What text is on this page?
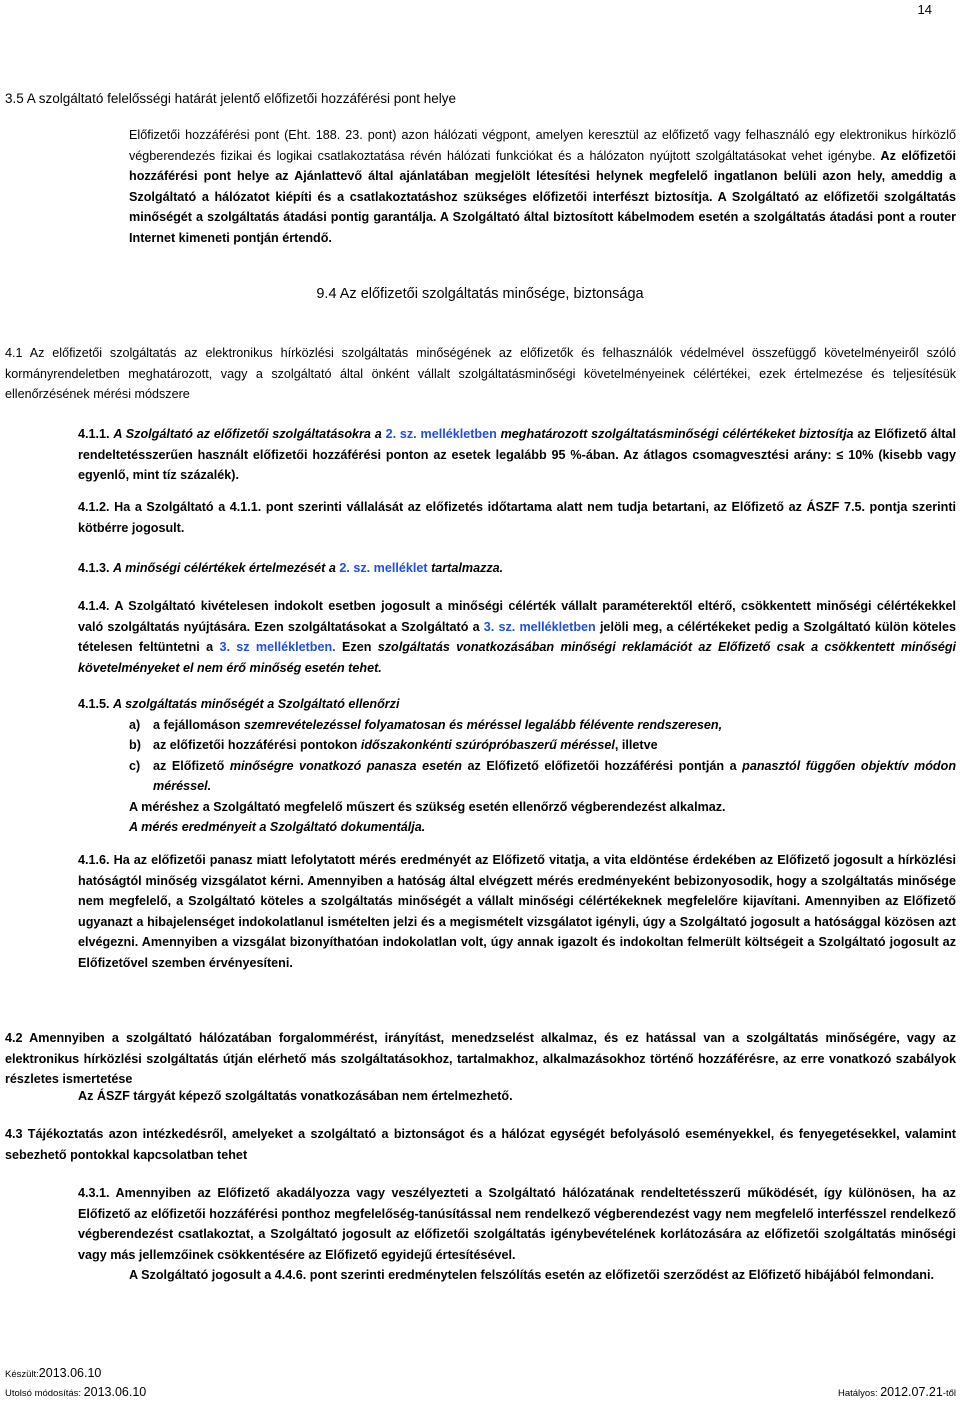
14
3.5 A szolgáltató felelősségi határát jelentő előfizetői hozzáférési pont helye
Előfizetői hozzáférési pont (Eht. 188. 23. pont) azon hálózati végpont, amelyen keresztül az előfizető vagy felhasználó egy elektronikus hírközlő végberendezés fizikai és logikai csatlakoztatása révén hálózati funkciókat és a hálózaton nyújtott szolgáltatásokat vehet igénybe. Az előfizetői hozzáférési pont helye az Ajánlattevő által ajánlatában megjelölt létesítési helynek megfelelő ingatlanon belüli azon hely, ameddig a Szolgáltató a hálózatot kiépíti és a csatlakoztatáshoz szükséges előfizetői interfészt biztosítja. A Szolgáltató az előfizetői szolgáltatás minőségét a szolgáltatás átadási pontig garantálja. A Szolgáltató által biztosított kábelmodem esetén a szolgáltatás átadási pont a router Internet kimeneti pontján értendő.
9.4 Az előfizetői szolgáltatás minősége, biztonsága
4.1 Az előfizetői szolgáltatás az elektronikus hírközlési szolgáltatás minőségének az előfizetők és felhasználók védelmével összefüggő követelményeiről szóló kormányrendeletben meghatározott, vagy a szolgáltató által önként vállalt szolgáltatásminőségi követelményeinek célértékei, ezek értelmezése és teljesítésük ellenőrzésének mérési módszere
4.1.1. A Szolgáltató az előfizetői szolgáltatásokra a 2. sz. mellékletben meghatározott szolgáltatásminőségi célértékeket biztosítja az Előfizető által rendeltetésszerűen használt előfizetői hozzáférési ponton az esetek legalább 95 %-ában. Az átlagos csomagvesztési arány: ≤ 10% (kisebb vagy egyenlő, mint tíz százalék).
4.1.2. Ha a Szolgáltató a 4.1.1. pont szerinti vállalását az előfizetés időtartama alatt nem tudja betartani, az Előfizető az ÁSZF 7.5. pontja szerinti kötbérre jogosult.
4.1.3. A minőségi célértékek értelmezését a 2. sz. melléklet tartalmazza.
4.1.4. A Szolgáltató kivételesen indokolt esetben jogosult a minőségi célérték vállalt paraméterektől eltérő, csökkentett minőségi célértékekkel való szolgáltatás nyújtására. Ezen szolgáltatásokat a Szolgáltató a 3. sz. mellékletben jelöli meg, a célértékeket pedig a Szolgáltató külön köteles tételesen feltüntetni a 3. sz mellékletben. Ezen szolgáltatás vonatkozásában minőségi reklamációt az Előfizető csak a csökkentett minőségi követelményeket el nem érő minőség esetén tehet.
4.1.5. A szolgáltatás minőségét a Szolgáltató ellenőrzi
a)	a fejállomáson szemrevételezéssel folyamatosan és méréssel legalább félévente rendszeresen,
b) az előfizetői hozzáférési pontokon időszakonkénti szúrópróbaszerű méréssel, illetve
c)	az Előfizető minőségre vonatkozó panasza esetén az Előfizető előfizetői hozzáférési pontján a panasztól függően objektív módon méréssel.
A méréshez a Szolgáltató megfelelő műszert és szükség esetén ellenőrző végberendezést alkalmaz.
A mérés eredményeit a Szolgáltató dokumentálja.
4.1.6. Ha az előfizetői panasz miatt lefolytatott mérés eredményét az Előfizető vitatja, a vita eldöntése érdekében az Előfizető jogosult a hírközlési hatóságtól minőség vizsgálatot kérni. Amennyiben a hatóság által elvégzett mérés eredményeként bebizonyosodik, hogy a szolgáltatás minősége nem megfelelő, a Szolgáltató köteles a szolgáltatás minőségét a vállalt minőségi célértékeknek megfelelőre kijavítani. Amennyiben az Előfizető ugyanazt a hibajelenséget indokolatlanul ismételten jelzi és a megismételt vizsgálatot igényli, úgy a Szolgáltató jogosult a hatósággal közösen azt elvégezni. Amennyiben a vizsgálat bizonyíthatóan indokolatlan volt, úgy annak igazolt és indokoltan felmerült költségeit a Szolgáltató jogosult az Előfizetővel szemben érvényesíteni.
4.2 Amennyiben a szolgáltató hálózatában forgalommérést, irányítást, menedzselést alkalmaz, és ez hatással van a szolgáltatás minőségére, vagy az elektronikus hírközlési szolgáltatás útján elérhető más szolgáltatásokhoz, tartalmakhoz, alkalmazásokhoz történő hozzáférésre, az erre vonatkozó szabályok részletes ismertetése
Az ÁSZF tárgyát képező szolgáltatás vonatkozásában nem értelmezhető.
4.3 Tájékoztatás azon intézkedésről, amelyeket a szolgáltató a biztonságot és a hálózat egységét befolyásoló eseményekkel, és fenyegetésekkel, valamint sebezhető pontokkal kapcsolatban tehet
4.3.1. Amennyiben az Előfizető akadályozza vagy veszélyezteti a Szolgáltató hálózatának rendeltetésszerű működését, így különösen, ha az Előfizető az előfizetői hozzáférési ponthoz megfelelőség-tanúsítással nem rendelkező végberendezést vagy nem megfelelő interfésszel rendelkező végberendezést csatlakoztat, a Szolgáltató jogosult az előfizetői szolgáltatás igénybevételének korlátozására az előfizetői szolgáltatás minőségi vagy más jellemzőinek csökkentésére az Előfizető egyidejű értesítésével.
A Szolgáltató jogosult a 4.4.6. pont szerinti eredménytelen felszólítás esetén az előfizetői szerződést az Előfizető hibájából felmondani.
Készült:2013.06.10
Utolsó módosítás: 2013.06.10	Hatályos: 2012.07.21-től
